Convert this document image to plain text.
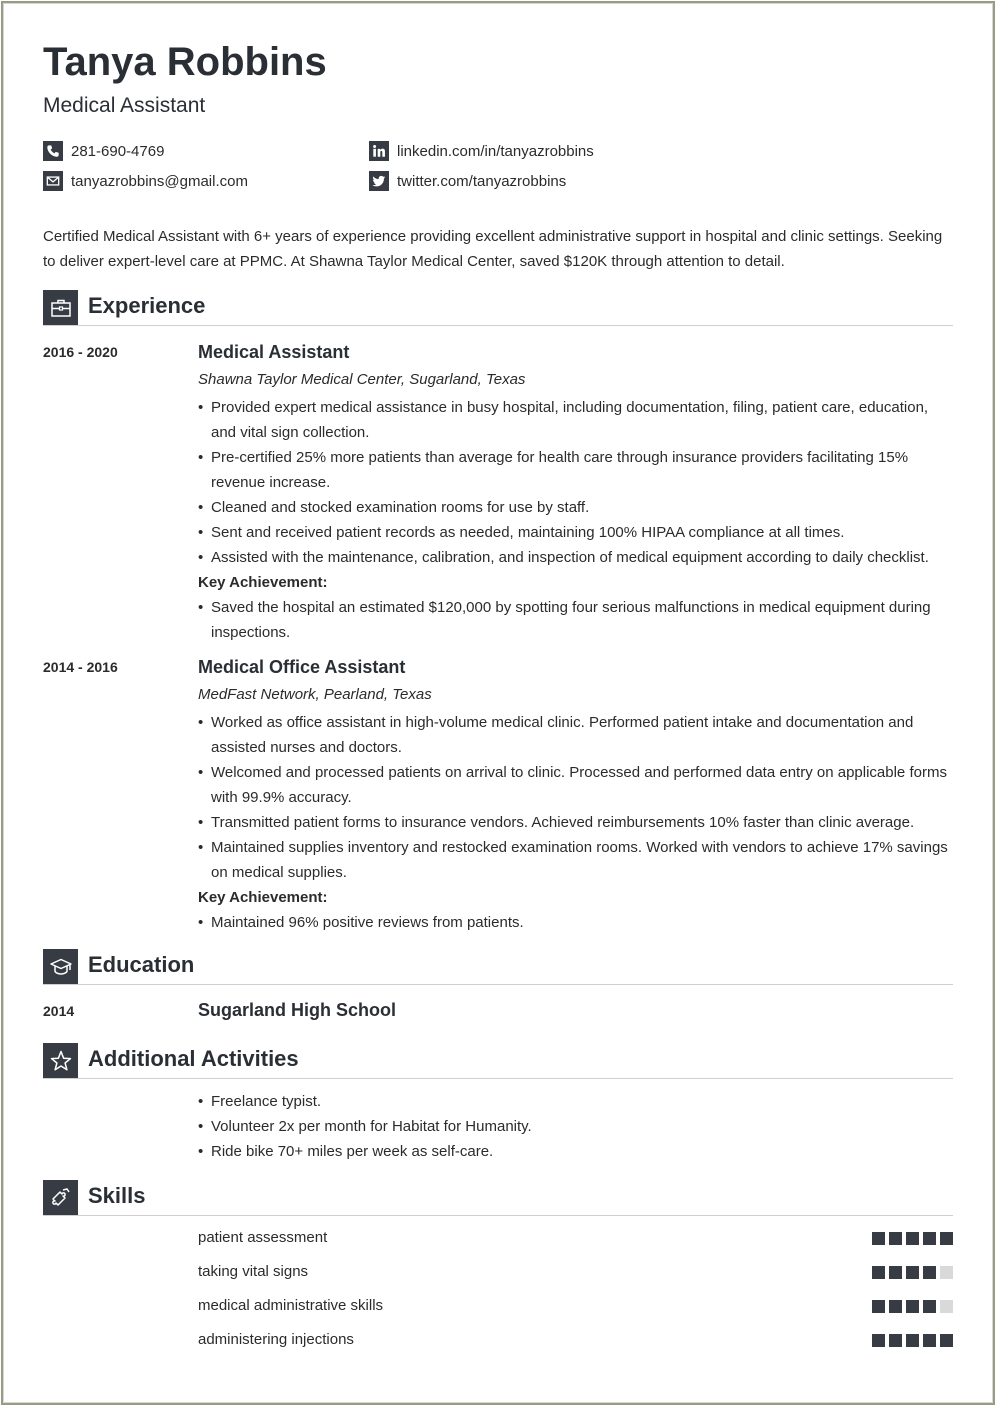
Tanya Robbins
Medical Assistant
281-690-4769	linkedin.com/in/tanyazrobbins
tanyazrobbins@gmail.com	twitter.com/tanyazrobbins

Certified Medical Assistant with 6+ years of experience providing excellent administrative support in hospital and clinic settings. Seeking to deliver expert-level care at PPMC. At Shawna Taylor Medical Center, saved $120K through attention to detail.

Experience
2016 - 2020	Medical Assistant
Shawna Taylor Medical Center, Sugarland, Texas
• Provided expert medical assistance in busy hospital, including documentation, filing, patient care, education, and vital sign collection.
• Pre-certified 25% more patients than average for health care through insurance providers facilitating 15% revenue increase.
• Cleaned and stocked examination rooms for use by staff.
• Sent and received patient records as needed, maintaining 100% HIPAA compliance at all times.
• Assisted with the maintenance, calibration, and inspection of medical equipment according to daily checklist.
Key Achievement:
• Saved the hospital an estimated $120,000 by spotting four serious malfunctions in medical equipment during inspections.
2014 - 2016	Medical Office Assistant
MedFast Network, Pearland, Texas
• Worked as office assistant in high-volume medical clinic. Performed patient intake and documentation and assisted nurses and doctors.
• Welcomed and processed patients on arrival to clinic. Processed and performed data entry on applicable forms with 99.9% accuracy.
• Transmitted patient forms to insurance vendors. Achieved reimbursements 10% faster than clinic average.
• Maintained supplies inventory and restocked examination rooms. Worked with vendors to achieve 17% savings on medical supplies.
Key Achievement:
• Maintained 96% positive reviews from patients.
Education
2014	Sugarland High School
Additional Activities
• Freelance typist.
• Volunteer 2x per month for Habitat for Humanity.
• Ride bike 70+ miles per week as self-care.
Skills
patient assessment
taking vital signs
medical administrative skills
administering injections
